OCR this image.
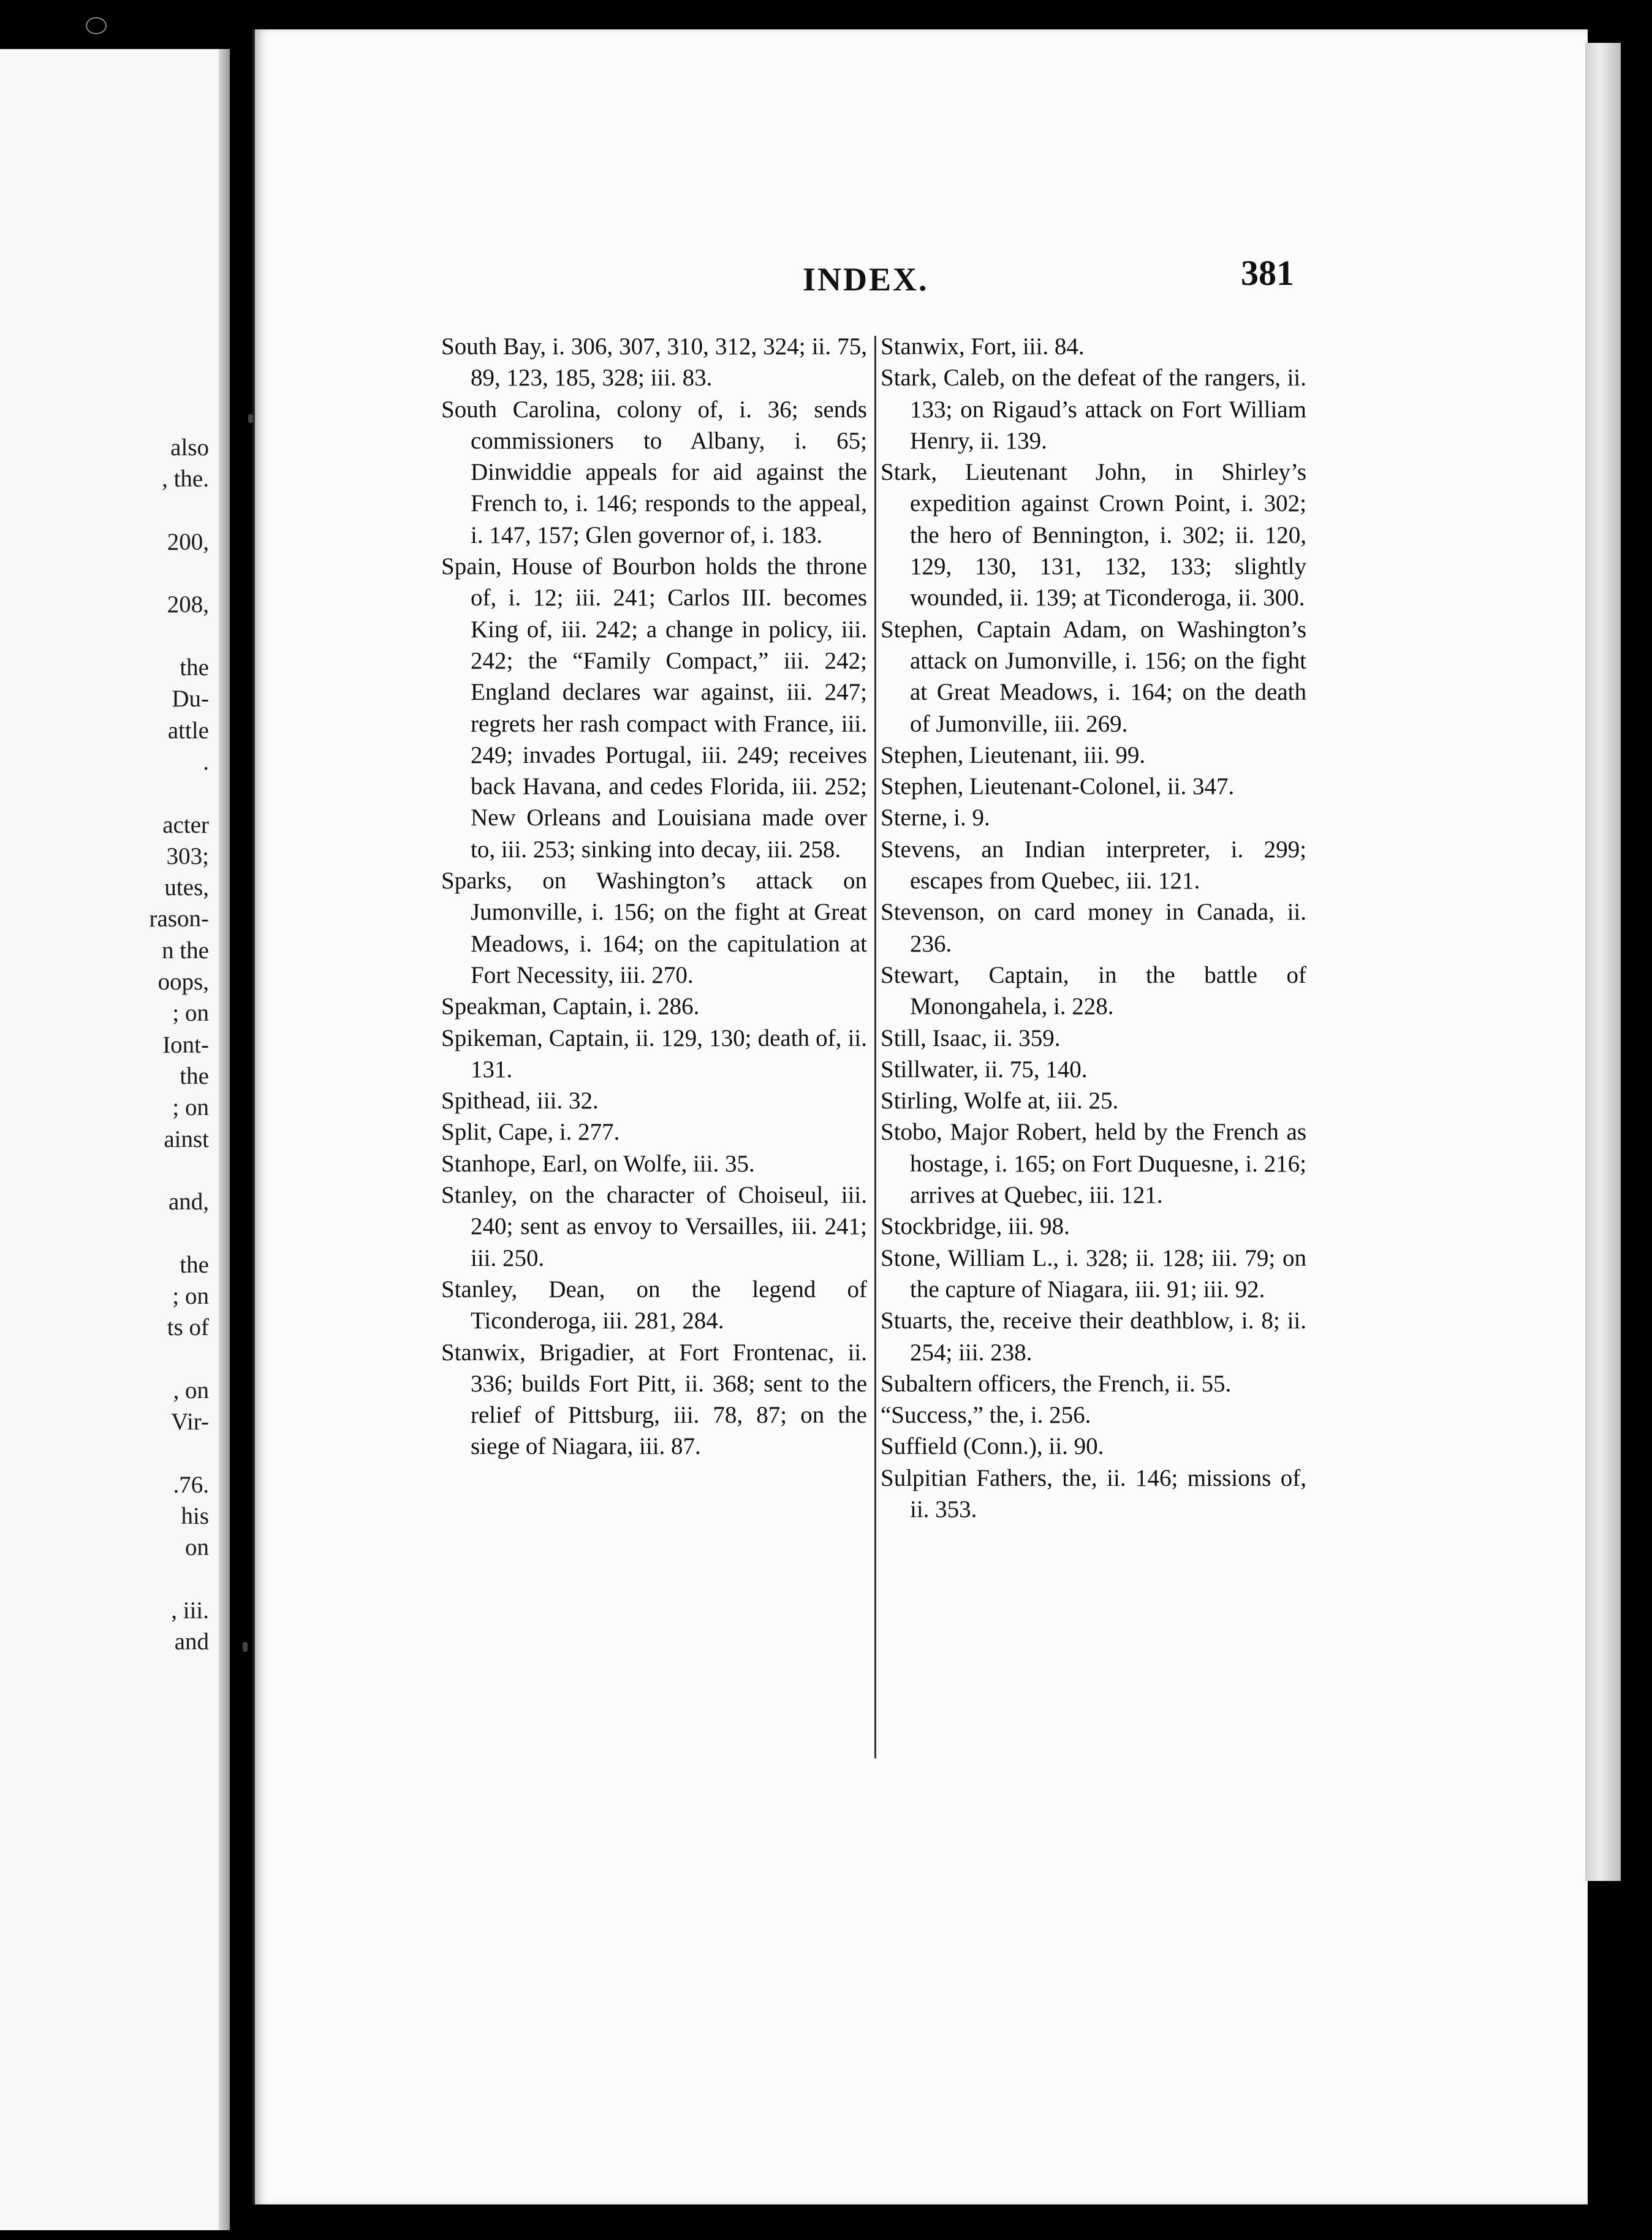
also
, the.

200,

208,

the
Du-
attle
.

acter
303;
utes,
rason-
n the
oops,
; on
Iont-
the
; on
ainst

and,

the
; on
ts of

, on
Vir-

.76.
his
on

, iii.
and
INDEX.	381
South Bay, i. 306, 307, 310, 312, 324; ii. 75, 89, 123, 185, 328; iii. 83.
South Carolina, colony of, i. 36; sends commissioners to Albany, i. 65; Dinwiddie appeals for aid against the French to, i. 146; responds to the appeal, i. 147, 157; Glen governor of, i. 183.
Spain, House of Bourbon holds the throne of, i. 12; iii. 241; Carlos III. becomes King of, iii. 242; a change in policy, iii. 242; the “Family Compact,” iii. 242; England declares war against, iii. 247; regrets her rash compact with France, iii. 249; invades Portugal, iii. 249; receives back Havana, and cedes Florida, iii. 252; New Orleans and Louisiana made over to, iii. 253; sinking into decay, iii. 258.
Sparks, on Washington’s attack on Jumonville, i. 156; on the fight at Great Meadows, i. 164; on the capitulation at Fort Necessity, iii. 270.
Speakman, Captain, i. 286.
Spikeman, Captain, ii. 129, 130; death of, ii. 131.
Spithead, iii. 32.
Split, Cape, i. 277.
Stanhope, Earl, on Wolfe, iii. 35.
Stanley, on the character of Choiseul, iii. 240; sent as envoy to Versailles, iii. 241; iii. 250.
Stanley, Dean, on the legend of Ticonderoga, iii. 281, 284.
Stanwix, Brigadier, at Fort Frontenac, ii. 336; builds Fort Pitt, ii. 368; sent to the relief of Pittsburg, iii. 78, 87; on the siege of Niagara, iii. 87.
Stanwix, Fort, iii. 84.
Stark, Caleb, on the defeat of the rangers, ii. 133; on Rigaud’s attack on Fort William Henry, ii. 139.
Stark, Lieutenant John, in Shirley’s expedition against Crown Point, i. 302; the hero of Bennington, i. 302; ii. 120, 129, 130, 131, 132, 133; slightly wounded, ii. 139; at Ticonderoga, ii. 300.
Stephen, Captain Adam, on Washington’s attack on Jumonville, i. 156; on the fight at Great Meadows, i. 164; on the death of Jumonville, iii. 269.
Stephen, Lieutenant, iii. 99.
Stephen, Lieutenant-Colonel, ii. 347.
Sterne, i. 9.
Stevens, an Indian interpreter, i. 299; escapes from Quebec, iii. 121.
Stevenson, on card money in Canada, ii. 236.
Stewart, Captain, in the battle of Monongahela, i. 228.
Still, Isaac, ii. 359.
Stillwater, ii. 75, 140.
Stirling, Wolfe at, iii. 25.
Stobo, Major Robert, held by the French as hostage, i. 165; on Fort Duquesne, i. 216; arrives at Quebec, iii. 121.
Stockbridge, iii. 98.
Stone, William L., i. 328; ii. 128; iii. 79; on the capture of Niagara, iii. 91; iii. 92.
Stuarts, the, receive their deathblow, i. 8; ii. 254; iii. 238.
Subaltern officers, the French, ii. 55.
“Success,” the, i. 256.
Suffield (Conn.), ii. 90.
Sulpitian Fathers, the, ii. 146; missions of, ii. 353.
